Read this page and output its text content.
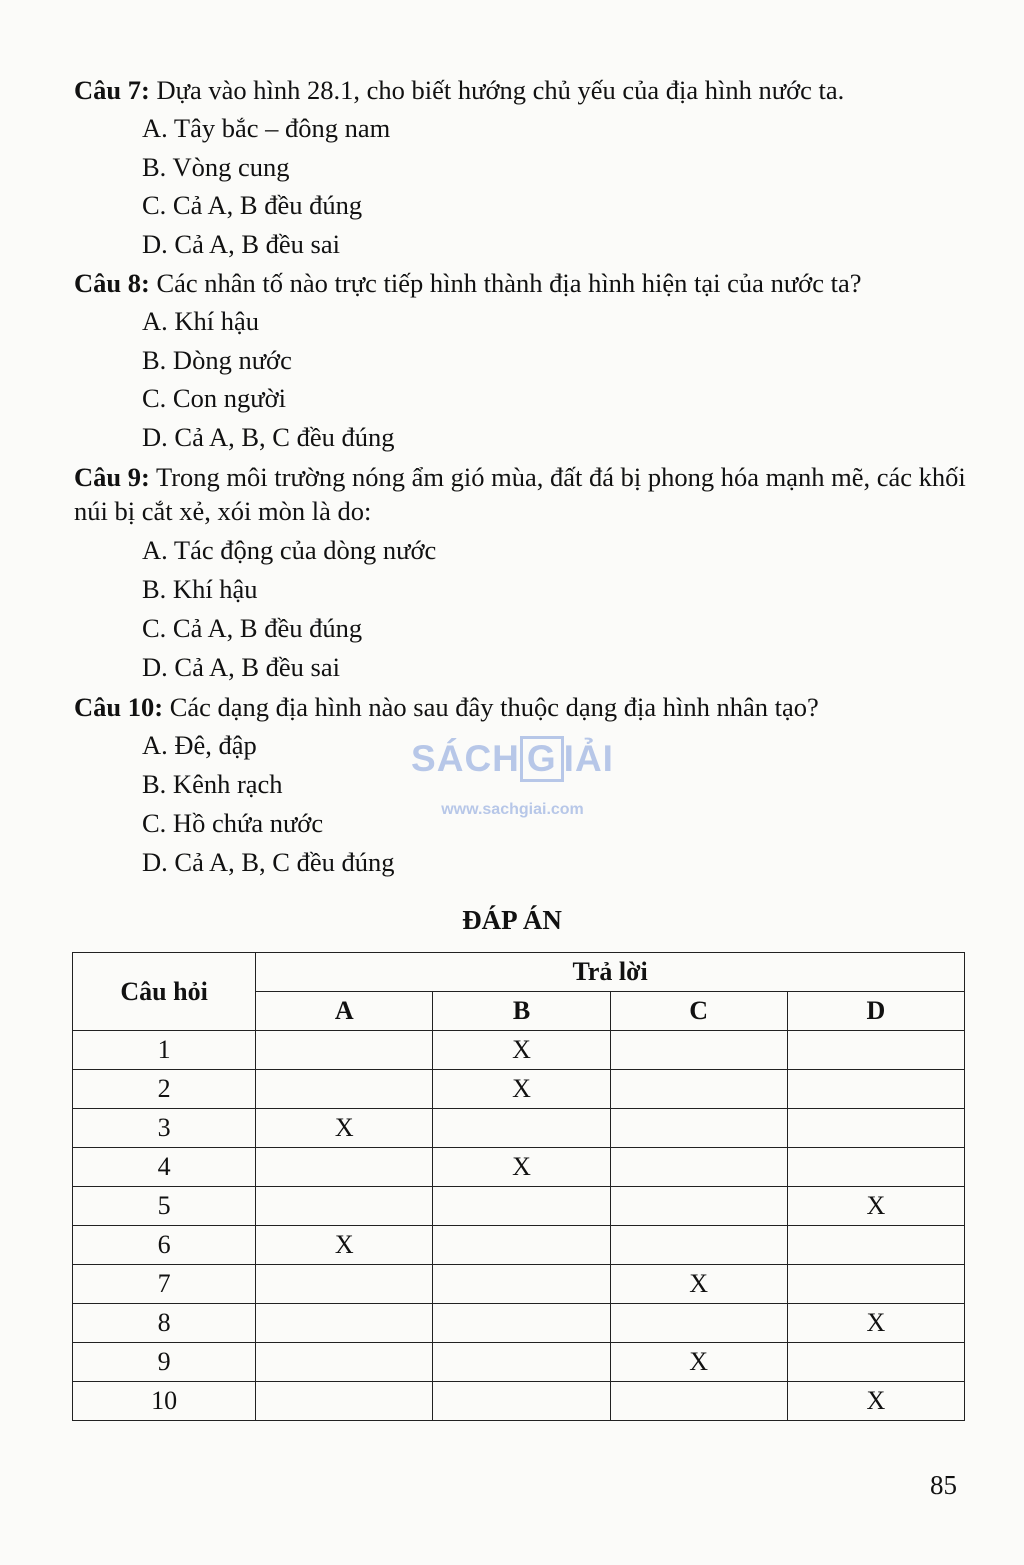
Câu 7: Dựa vào hình 28.1, cho biết hướng chủ yếu của địa hình nước ta.

A. Tây bắc – đông nam

B. Vòng cung

C. Cả A, B đều đúng

D. Cả A, B đều sai

Câu 8: Các nhân tố nào trực tiếp hình thành địa hình hiện tại của nước ta?

A. Khí hậu

B. Dòng nước

C. Con người

D. Cả A, B, C đều đúng

Câu 9: Trong môi trường nóng ẩm gió mùa, đất đá bị phong hóa mạnh mẽ, các khối núi bị cắt xẻ, xói mòn là do:

A. Tác động của dòng nước

B. Khí hậu

C. Cả A, B đều đúng

D. Cả A, B đều sai

Câu 10: Các dạng địa hình nào sau đây thuộc dạng địa hình nhân tạo?

A. Đê, đập

B. Kênh rạch

C. Hồ chứa nước

D. Cả A, B, C đều đúng

SÁCH G IẢI
www.sachgiai.com

ĐÁP ÁN

Câu hỏi	Trả lời			
	A	B	C	D
1		X		
2		X		
3	X			
4		X		
5				X
6	X			
7			X	
8				X
9			X	
10				X

85
